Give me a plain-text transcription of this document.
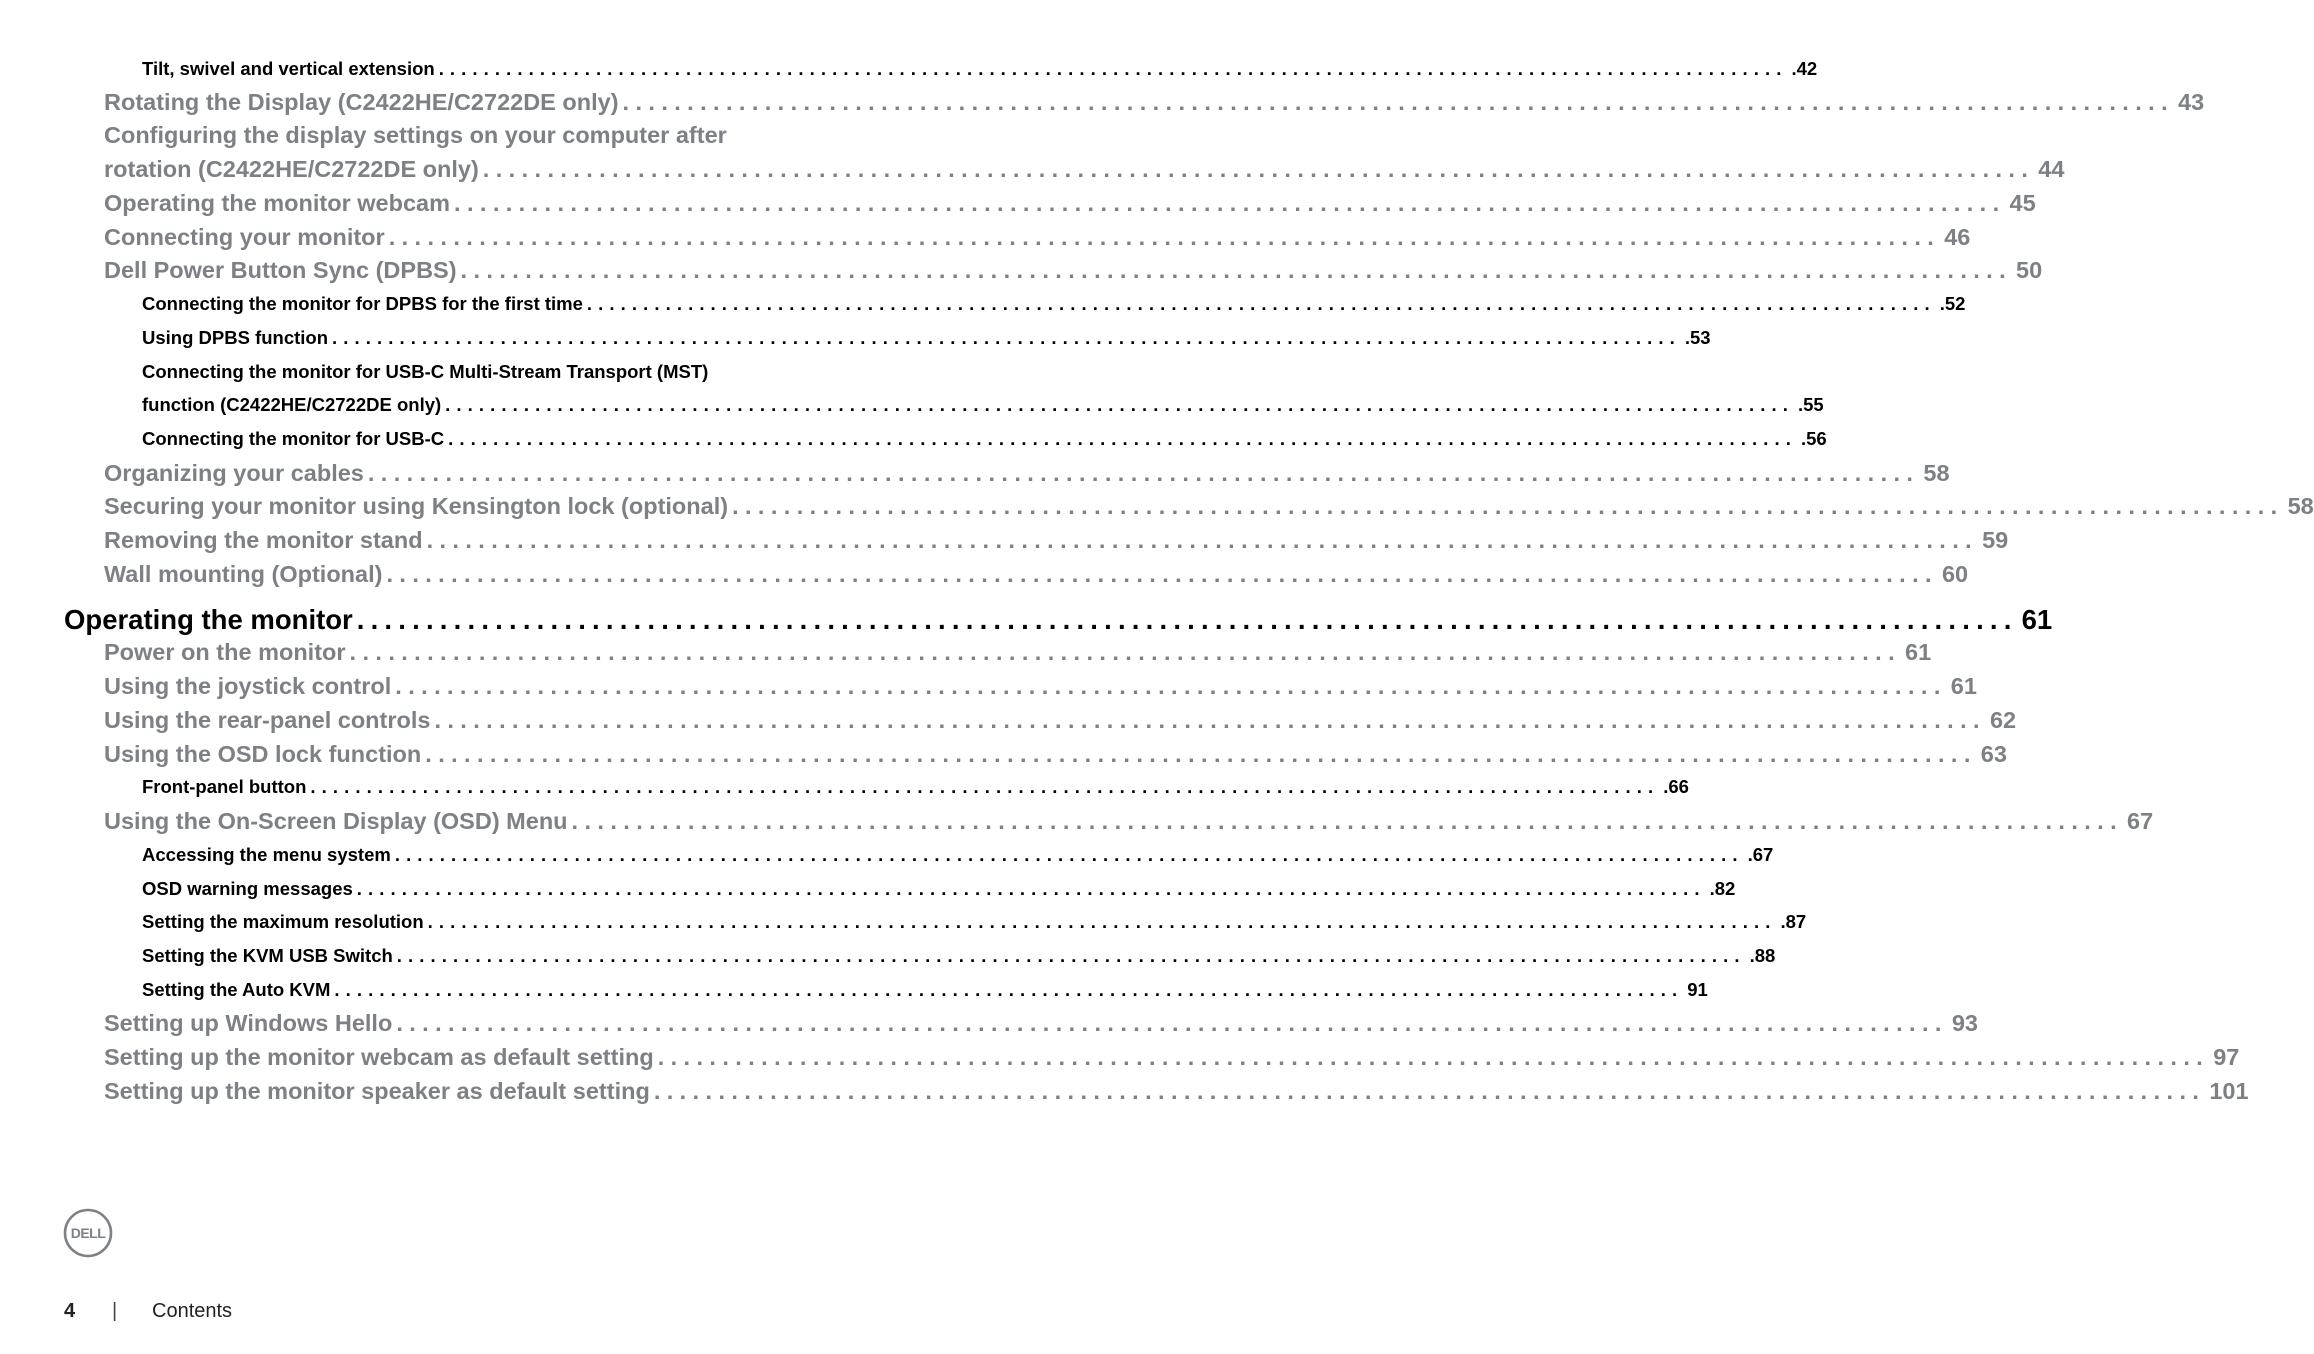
Tilt, swivel and vertical extension ........................................................................................................................ .42
Rotating the Display (C2422HE/C2722DE only) ........................................................................................................................ 43
Configuring the display settings on your computer after
rotation (C2422HE/C2722DE only) ........................................................................................................................ 44
Operating the monitor webcam ........................................................................................................................ 45
Connecting your monitor ........................................................................................................................ 46
Dell Power Button Sync (DPBS) ........................................................................................................................ 50
Connecting the monitor for DPBS for the first time ........................................................................................................................ .52
Using DPBS function ........................................................................................................................ .53
Connecting the monitor for USB-C Multi-Stream Transport (MST)
function (C2422HE/C2722DE only) ........................................................................................................................ .55
Connecting the monitor for USB-C ........................................................................................................................ .56
Organizing your cables ........................................................................................................................ 58
Securing your monitor using Kensington lock (optional) ........................................................................................................................ 58
Removing the monitor stand ........................................................................................................................ 59
Wall mounting (Optional) ........................................................................................................................ 60
Operating the monitor ........................................................................................................................ 61
Power on the monitor ........................................................................................................................ 61
Using the joystick control ........................................................................................................................ 61
Using the rear-panel controls ........................................................................................................................ 62
Using the OSD lock function ........................................................................................................................ 63
Front-panel button ........................................................................................................................ .66
Using the On-Screen Display (OSD) Menu ........................................................................................................................ 67
Accessing the menu system ........................................................................................................................ .67
OSD warning messages ........................................................................................................................ .82
Setting the maximum resolution ........................................................................................................................ .87
Setting the KVM USB Switch ........................................................................................................................ .88
Setting the Auto KVM ........................................................................................................................ 91
Setting up Windows Hello ........................................................................................................................ 93
Setting up the monitor webcam as default setting ........................................................................................................................ 97
Setting up the monitor speaker as default setting ........................................................................................................................ 101
DELL
4 | Contents
